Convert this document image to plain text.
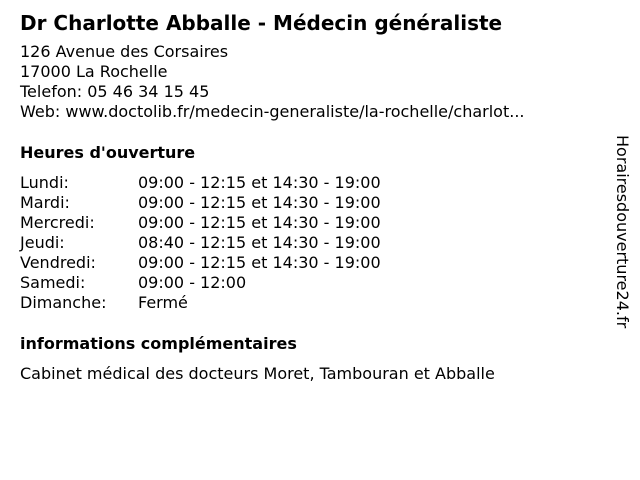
Dr Charlotte Abballe - Médecin généraliste
126 Avenue des Corsaires
17000 La Rochelle
Telefon: 05 46 34 15 45
Web: www.doctolib.fr/medecin-generaliste/la-rochelle/charlot...
Heures d'ouverture
Lundi:	09:00 - 12:15 et 14:30 - 19:00
Mardi:	09:00 - 12:15 et 14:30 - 19:00
Mercredi:	09:00 - 12:15 et 14:30 - 19:00
Jeudi:	08:40 - 12:15 et 14:30 - 19:00
Vendredi:	09:00 - 12:15 et 14:30 - 19:00
Samedi:	09:00 - 12:00
Dimanche:	Fermé
informations complémentaires
Cabinet médical des docteurs Moret, Tambouran et Abballe
Horairesdouverture24.fr
